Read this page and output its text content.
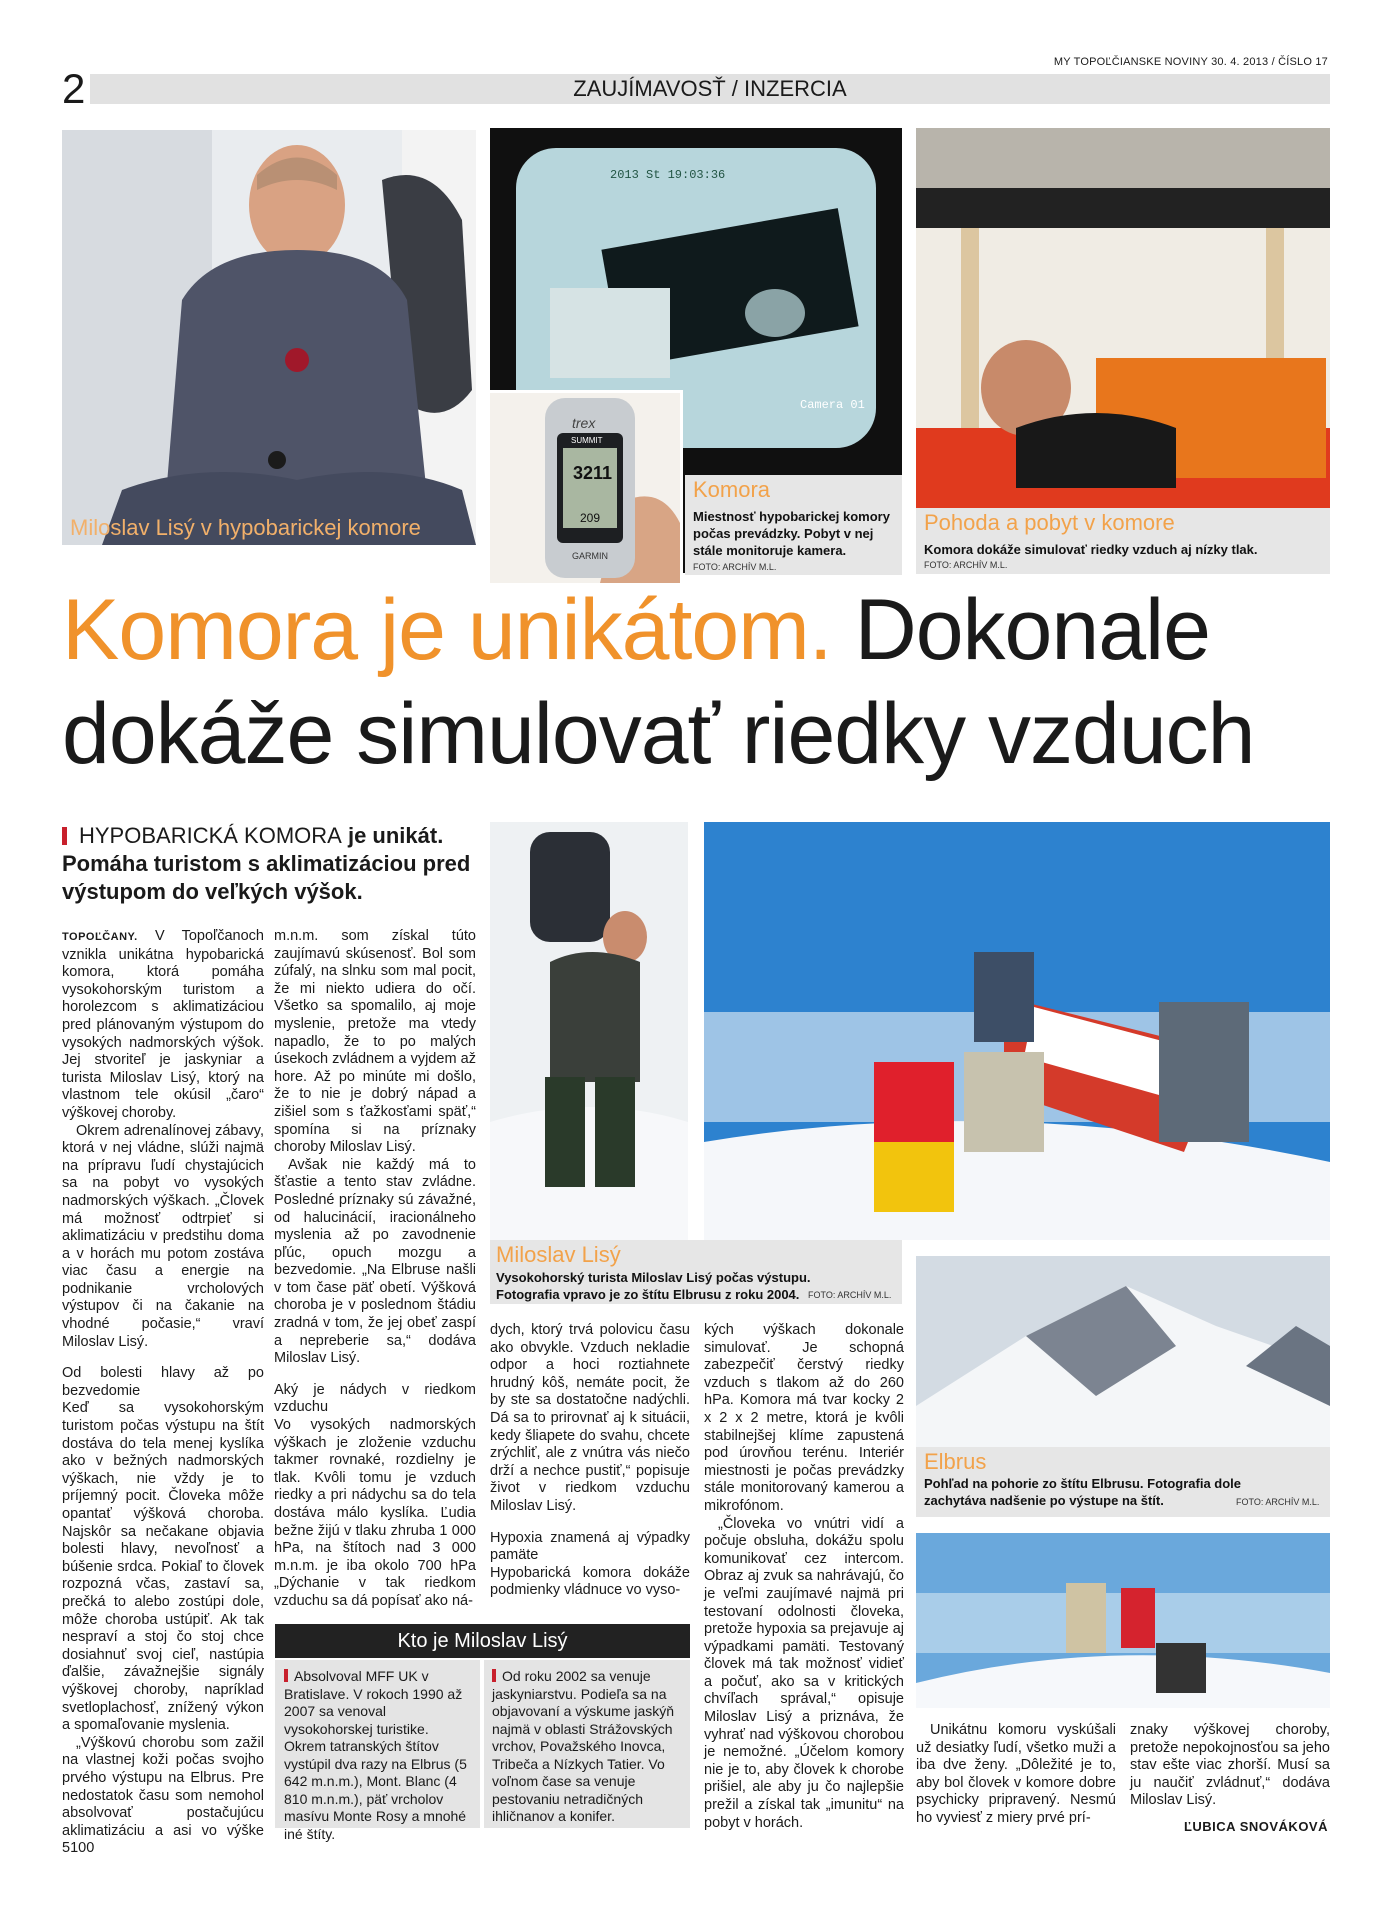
2
MY TOPOĽČIANSKE NOVINY 30. 4. 2013 / ČÍSLO 17
ZAUJÍMAVOSŤ / INZERCIA
Miloslav Lisý v hypobarickej komore
2013 St 19:03:36
Camera 01
trex
SUMMIT
3211
209
GARMIN
Komora
Miestnosť hypobarickej komory počas prevádzky. Pobyt v nej stále monitoruje kamera.
FOTO: ARCHÍV M.L.
Pohoda a pobyt v komore
Komora dokáže simulovať riedky vzduch aj nízky tlak.
FOTO: ARCHÍV M.L.
Komora je unikátom. Dokonale
dokáže simulovať riedky vzduch
HYPOBARICKÁ KOMORA je unikát.
Pomáha turistom s aklimatizáciou pred výstupom do veľkých výšok.
Miloslav Lisý
Vysokohorský turista Miloslav Lisý počas výstupu. Fotografia vpravo je zo štítu Elbrusu z roku 2004. FOTO: ARCHÍV M.L.
Elbrus
Pohľad na pohorie zo štítu Elbrusu. Fotografia dole zachytáva nadšenie po výstupe na štít.	FOTO: ARCHÍV M.L.

TOPOĽČANY. V Topoľčanoch vznikla unikátna hypobarická komora, ktorá pomáha vysokohorským turistom a horolezcom s aklimatizáciou pred plánovaným výstupom do vysokých nadmorských výšok. Jej stvoriteľ je jaskyniar a turista Miloslav Lisý, ktorý na vlastnom tele okúsil „čaro“ výškovej choroby.

Okrem adrenalínovej zábavy, ktorá v nej vládne, slúži najmä na prípravu ľudí chystajúcich sa na pobyt vo vysokých nadmorských výškach. „Človek má možnosť odtrpieť si aklimatizáciu v predstihu doma a v horách mu potom zostáva viac času a energie na podnikanie vrcholových výstupov či na čakanie na vhodné počasie,“ vraví Miloslav Lisý.

Od bolesti hlavy až po bezvedomie

Keď sa vysokohorským turistom počas výstupu na štít dostáva do tela menej kyslíka ako v bežných nadmorských výškach, nie vždy je to príjemný pocit. Človeka môže opantať výšková choroba. Najskôr sa nečakane objavia bolesti hlavy, nevoľnosť a búšenie srdca. Pokiaľ to človek rozpozná včas, zastaví sa, prečká to alebo zostúpi dole, môže choroba ustúpiť. Ak tak nespraví a stoj čo stoj chce dosiahnuť svoj cieľ, nastúpia ďalšie, závažnejšie signály výškovej choroby, napríklad svetloplachosť, znížený výkon a spomaľovanie myslenia.

„Výškovú chorobu som zažil na vlastnej koži počas svojho prvého výstupu na Elbrus. Pre nedostatok času som nemohol absolvovať postačujúcu aklimatizáciu a asi vo výške 5100

m.n.m. som získal túto zaujímavú skúsenosť. Bol som zúfalý, na slnku som mal pocit, že mi niekto udiera do očí. Všetko sa spomalilo, aj moje myslenie, pretože ma vtedy napadlo, že to po malých úsekoch zvládnem a vyjdem až hore. Až po minúte mi došlo, že to nie je dobrý nápad a zišiel som s ťažkosťami späť,“ spomína si na príznaky choroby Miloslav Lisý.

Avšak nie každý má to šťastie a tento stav zvládne. Posledné príznaky sú závažné, od halucinácií, iracionálneho myslenia až po zavodnenie pľúc, opuch mozgu a bezvedomie. „Na Elbruse našli v tom čase päť obetí. Výšková choroba je v poslednom štádiu zradná v tom, že jej obeť zaspí a nepreberie sa,“ dodáva Miloslav Lisý.

Aký je nádych v riedkom vzduchu

Vo vysokých nadmorských výškach je zloženie vzduchu takmer rovnaké, rozdielny je tlak. Kvôli tomu je vzduch riedky a pri nádychu sa do tela dostáva málo kyslíka. Ľudia bežne žijú v tlaku zhruba 1 000 hPa, na štítoch nad 3 000 m.n.m. je iba okolo 700 hPa „Dýchanie v tak riedkom vzduchu sa dá popísať ako ná-

dych, ktorý trvá polovicu času ako obvykle. Vzduch nekladie odpor a hoci roztiahnete hrudný kôš, nemáte pocit, že by ste sa dostatočne nadýchli. Dá sa to prirovnať aj k situácii, kedy šliapete do svahu, chcete zrýchliť, ale z vnútra vás niečo drží a nechce pustiť,“ popisuje život v riedkom vzduchu Miloslav Lisý.

Hypoxia znamená aj výpadky pamäte

Hypobarická komora dokáže podmienky vládnuce vo vyso-

kých výškach dokonale simulovať. Je schopná zabezpečiť čerstvý riedky vzduch s tlakom až do 260 hPa. Komora má tvar kocky 2 x 2 x 2 metre, ktorá je kvôli stabilnejšej klíme zapustená pod úrovňou terénu. Interiér miestnosti je počas prevádzky stále monitorovaný kamerou a mikrofónom.

„Človeka vo vnútri vidí a počuje obsluha, dokážu spolu komunikovať cez intercom. Obraz aj zvuk sa nahrávajú, čo je veľmi zaujímavé najmä pri testovaní odolnosti človeka, pretože hypoxia sa prejavuje aj výpadkami pamäti. Testovaný človek má tak možnosť vidieť a počuť, ako sa v kritických chvíľach správal,“ opisuje Miloslav Lisý a priznáva, že vyhrať nad výškovou chorobou je nemožné. „Účelom komory nie je to, aby človek k chorobe prišiel, ale aby ju čo najlepšie prežil a získal tak „imunitu“ na pobyt v horách.

Unikátnu komoru vyskúšali už desiatky ľudí, všetko muži a iba dve ženy. „Dôležité je to, aby bol človek v komore dobre psychicky pripravený. Nesmú ho vyviesť z miery prvé prí-

znaky výškovej choroby, pretože nepokojnosťou sa jeho stav ešte viac zhorší. Musí sa ju naučiť zvládnuť,“ dodáva Miloslav Lisý.

ĽUBICA SNOVÁKOVÁ
Kto je Miloslav Lisý
Absolvoval MFF UK v Bratislave. V rokoch 1990 až 2007 sa venoval vysokohorskej turistike. Okrem tatranských štítov vystúpil dva razy na Elbrus (5 642 m.n.m.), Mont. Blanc (4 810 m.n.m.), päť vrcholov masívu Monte Rosy a mnohé iné štíty.
Od roku 2002 sa venuje jaskyniarstvu. Podieľa sa na objavovaní a výskume jaskýň najmä v oblasti Strážovských vrchov, Považského Inovca, Tribeča a Nízkych Tatier. Vo voľnom čase sa venuje pestovaniu netradičných ihličnanov a konifer.
